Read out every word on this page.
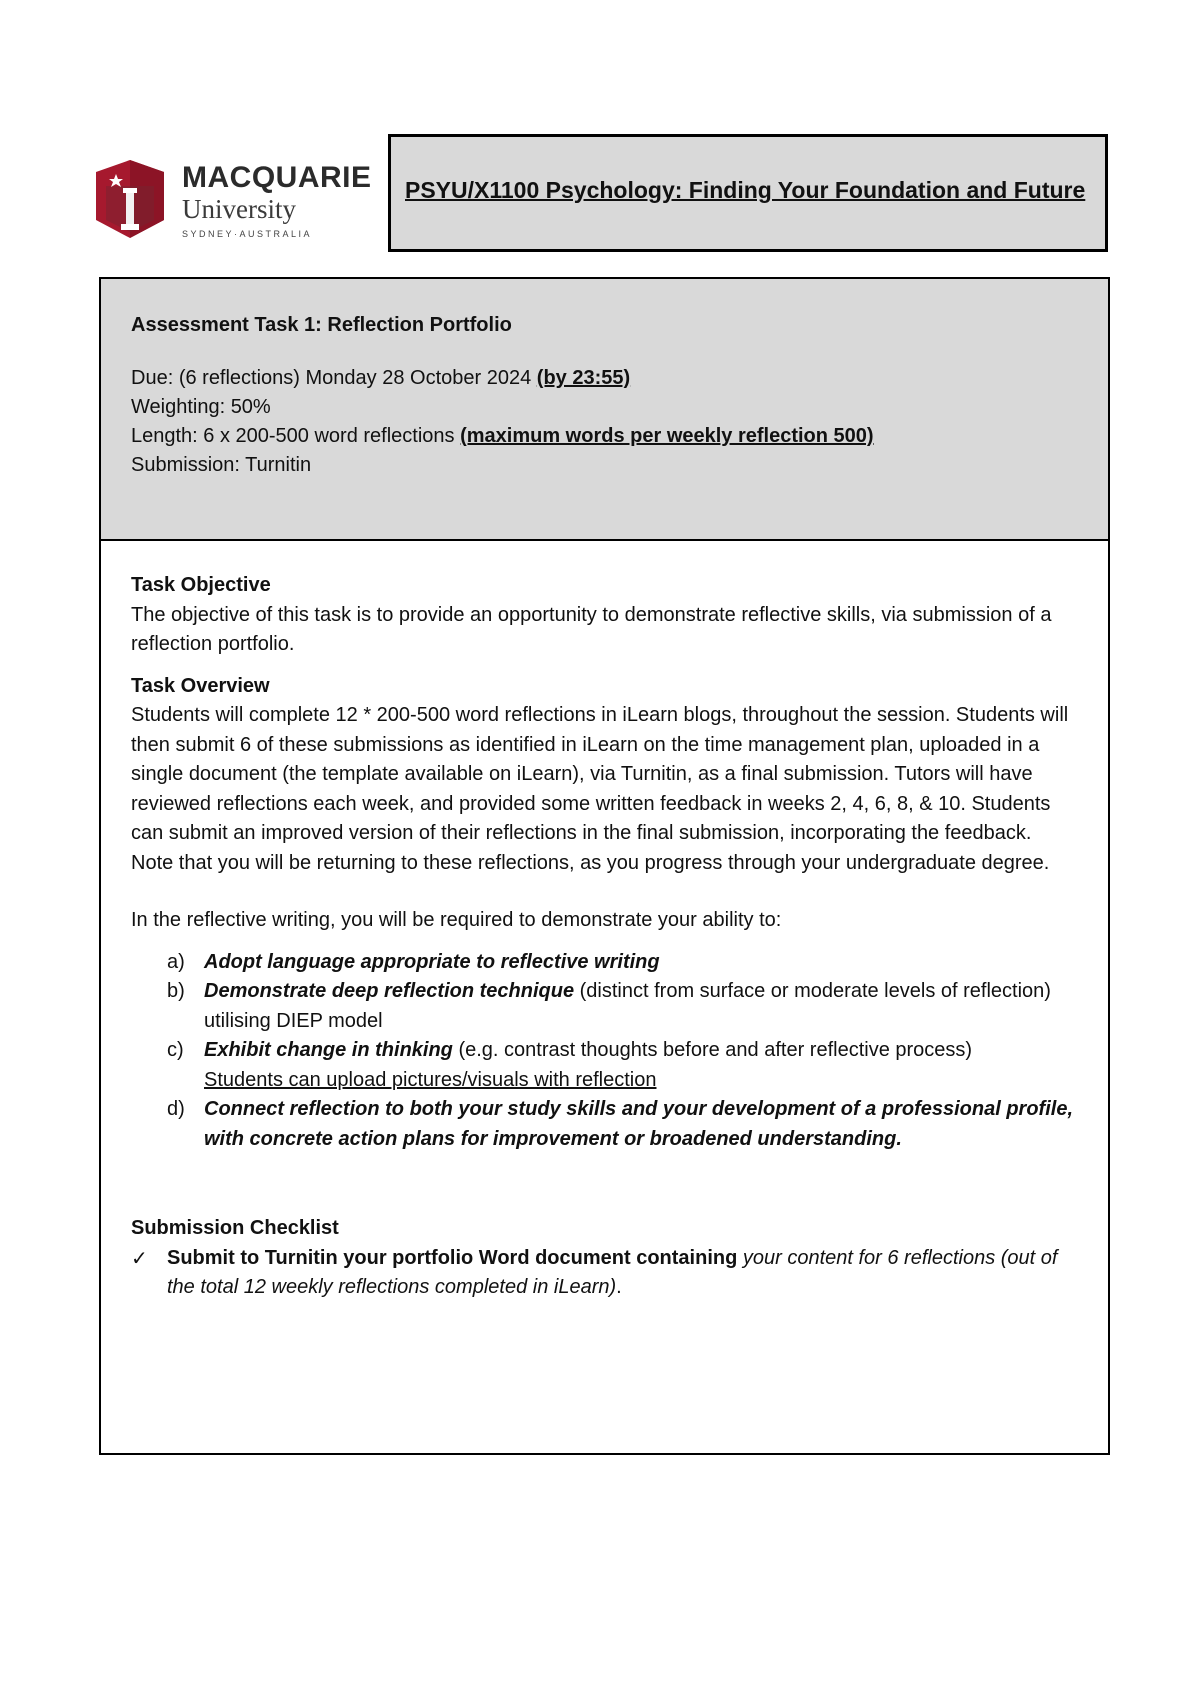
MACQUARIE
University
SYDNEY·AUSTRALIA
PSYU/X1100 Psychology: Finding Your Foundation and Future
Assessment Task 1: Reflection Portfolio
Due: (6 reflections) Monday 28 October 2024 (by 23:55)
Weighting: 50%
Length: 6 x 200-500 word reflections (maximum words per weekly reflection 500)
Submission: Turnitin
Task Objective

The objective of this task is to provide an opportunity to demonstrate reflective skills, via submission of a reflection portfolio.

Task Overview

Students will complete 12 * 200-500 word reflections in iLearn blogs, throughout the session. Students will then submit 6 of these submissions as identified in iLearn on the time management plan, uploaded in a single document (the template available on iLearn), via Turnitin, as a final submission. Tutors will have reviewed reflections each week, and provided some written feedback in weeks 2, 4, 6, 8, & 10. Students can submit an improved version of their reflections in the final submission, incorporating the feedback. Note that you will be returning to these reflections, as you progress through your undergraduate degree.

In the reflective writing, you will be required to demonstrate your ability to:
a) Adopt language appropriate to reflective writing
b) Demonstrate deep reflection technique (distinct from surface or moderate levels of reflection) utilising DIEP model
c) Exhibit change in thinking (e.g. contrast thoughts before and after reflective process)
Students can upload pictures/visuals with reflection
d) Connect reflection to both your study skills and your development of a professional profile, with concrete action plans for improvement or broadened understanding.
Submission Checklist
✓ Submit to Turnitin your portfolio Word document containing your content for 6 reflections (out of the total 12 weekly reflections completed in iLearn).
